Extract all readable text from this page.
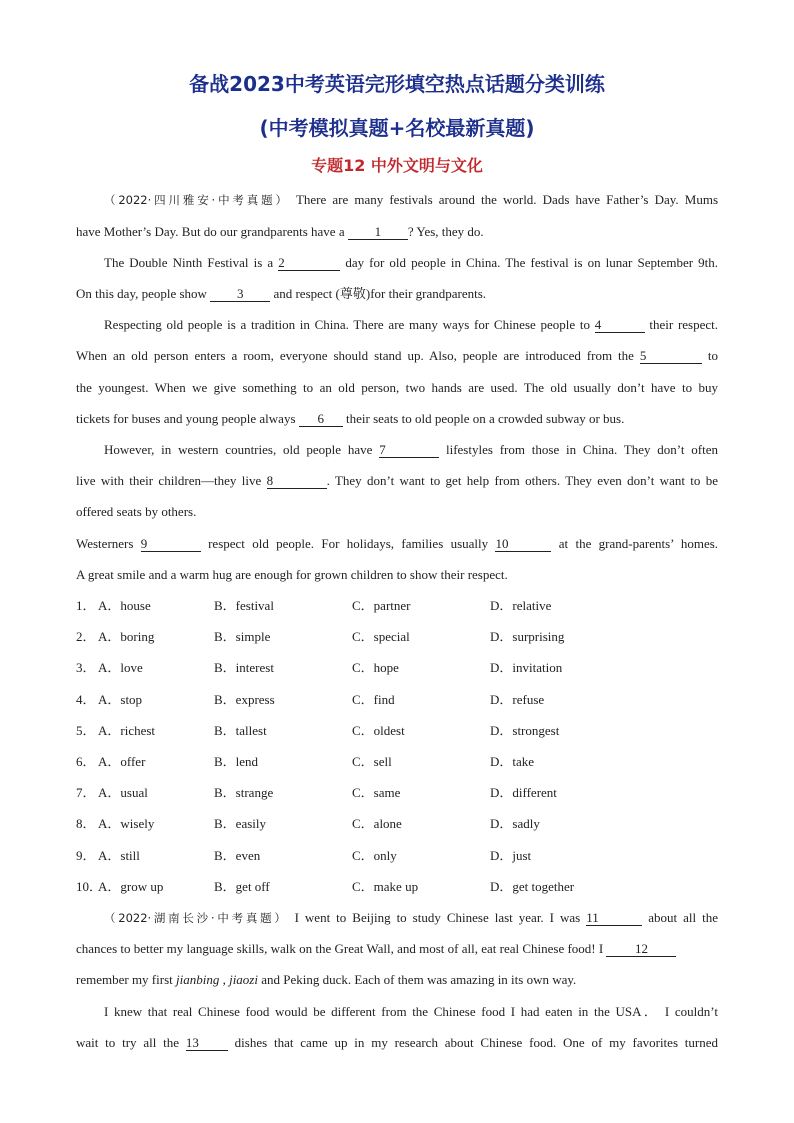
备战2023中考英语完形填空热点话题分类训练
(中考模拟真题+名校最新真题)
专题12 中外文明与文化
（2022·四川雅安·中考真题） There are many festivals around the world. Dads have Father’s Day. Mums
have Mother’s Day. But do our grandparents have a 1 ? Yes, they do.
The Double Ninth Festival is a 2	day for old people in China. The festival is on lunar September 9th.
On this day, people show 3 and respect (尊敬)for their grandparents.
Respecting old people is a tradition in China. There are many ways for Chinese people to 4	their respect.
When an old person enters a room, everyone should stand up. Also, people are introduced from the 5	to
the youngest. When we give something to an old person, two hands are used. The old usually don’t have to buy
tickets for buses and young people always 6 their seats to old people on a crowded subway or bus.
However, in western countries, old people have 7	lifestyles from those in China. They don’t often
live with their children—they live 8	. They don’t want to get help from others. They even don’t want to be
offered seats by others.
Westerners 9	respect old people. For holidays, families usually 10	at the grand-parents’ homes.
A great smile and a warm hug are enough for grown children to show their respect.
1． A．house	B．festival	C．partner	D．relative
2． A．boring	B．simple	C．special	D．surprising
3． A．love	B．interest	C．hope	D．invitation
4． A．stop	B．express	C．find	D．refuse
5． A．richest	B．tallest	C．oldest	D．strongest
6． A．offer	B．lend	C．sell	D．take
7． A．usual	B．strange	C．same	D．different
8． A．wisely	B．easily	C．alone	D．sadly
9． A．still	B．even	C．only	D．just
10．
A．grow up	B．get off	C．make up	D．get together
（2022·湖南长沙·中考真题） I went to Beijing to study Chinese last year. I was 11	about all the
chances to better my language skills, walk on the Great Wall, and most of all, eat real Chinese food! I 12
remember my first jianbing , jiaozi and Peking duck. Each of them was amazing in its own way.
I knew that real Chinese food would be different from the Chinese food I had eaten in the USA． I couldn’t
wait to try all the 13	dishes that came up in my research about Chinese food. One of my favorites turned
